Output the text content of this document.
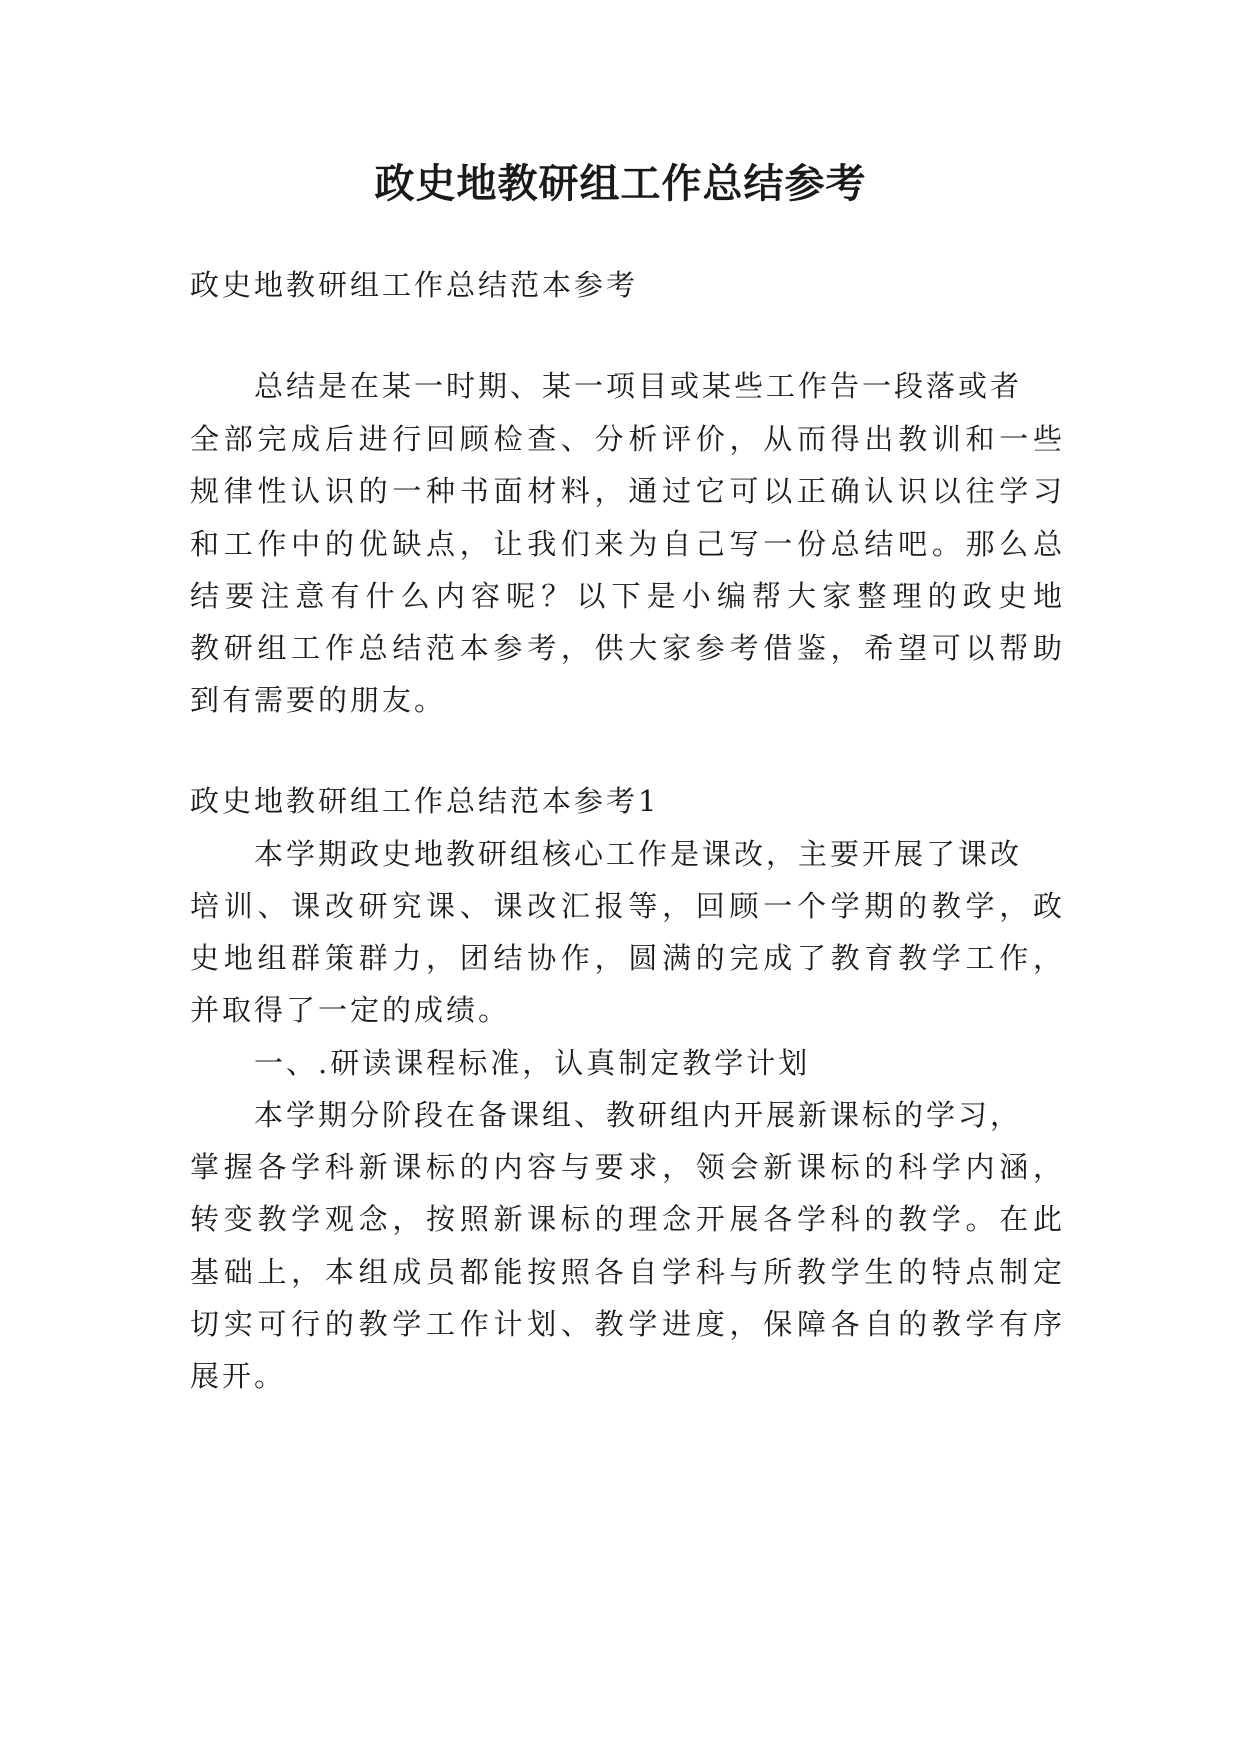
政史地教研组工作总结参考

政史地教研组工作总结范本参考

总结是在某一时期、某一项目或某些工作告一段落或者

全部完成后进行回顾检查、分析评价，从而得出教训和一些

规律性认识的一种书面材料，通过它可以正确认识以往学习

和工作中的优缺点，让我们来为自己写一份总结吧。那么总

结要注意有什么内容呢？以下是小编帮大家整理的政史地

教研组工作总结范本参考，供大家参考借鉴，希望可以帮助

到有需要的朋友。

政史地教研组工作总结范本参考1

本学期政史地教研组核心工作是课改，主要开展了课改

培训、课改研究课、课改汇报等，回顾一个学期的教学，政

史地组群策群力，团结协作，圆满的完成了教育教学工作，

并取得了一定的成绩。

一、.研读课程标准，认真制定教学计划

本学期分阶段在备课组、教研组内开展新课标的学习，

掌握各学科新课标的内容与要求，领会新课标的科学内涵，

转变教学观念，按照新课标的理念开展各学科的教学。在此

基础上，本组成员都能按照各自学科与所教学生的特点制定

切实可行的教学工作计划、教学进度，保障各自的教学有序

展开。
